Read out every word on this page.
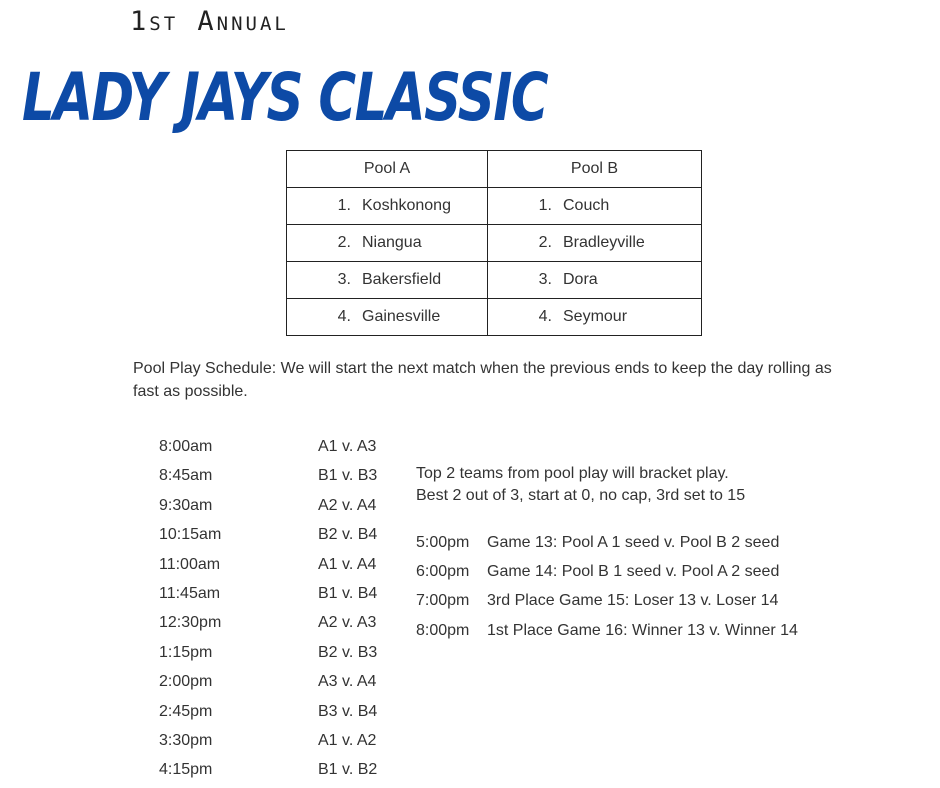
1st Annual
LADY JAYS CLASSIC
Pool A	Pool B
1. Koshkonong	1. Couch
2. Niangua	2. Bradleyville
3. Bakersfield	3. Dora
4. Gainesville	4. Seymour
Pool Play Schedule: We will start the next match when the previous ends to keep the day rolling as fast as possible.
8:00am	A1 v. A3
8:45am	B1 v. B3
9:30am	A2 v. A4
10:15am	B2 v. B4
11:00am	A1 v. A4
11:45am	B1 v. B4
12:30pm	A2 v. A3
1:15pm	B2 v. B3
2:00pm	A3 v. A4
2:45pm	B3 v. B4
3:30pm	A1 v. A2
4:15pm	B1 v. B2
Top 2 teams from pool play will bracket play.
Best 2 out of 3, start at 0, no cap, 3rd set to 15
5:00pm Game 13: Pool A 1 seed v. Pool B 2 seed
6:00pm Game 14: Pool B 1 seed v. Pool A 2 seed
7:00pm 3rd Place Game 15: Loser 13 v. Loser 14
8:00pm 1st Place Game 16: Winner 13 v. Winner 14
